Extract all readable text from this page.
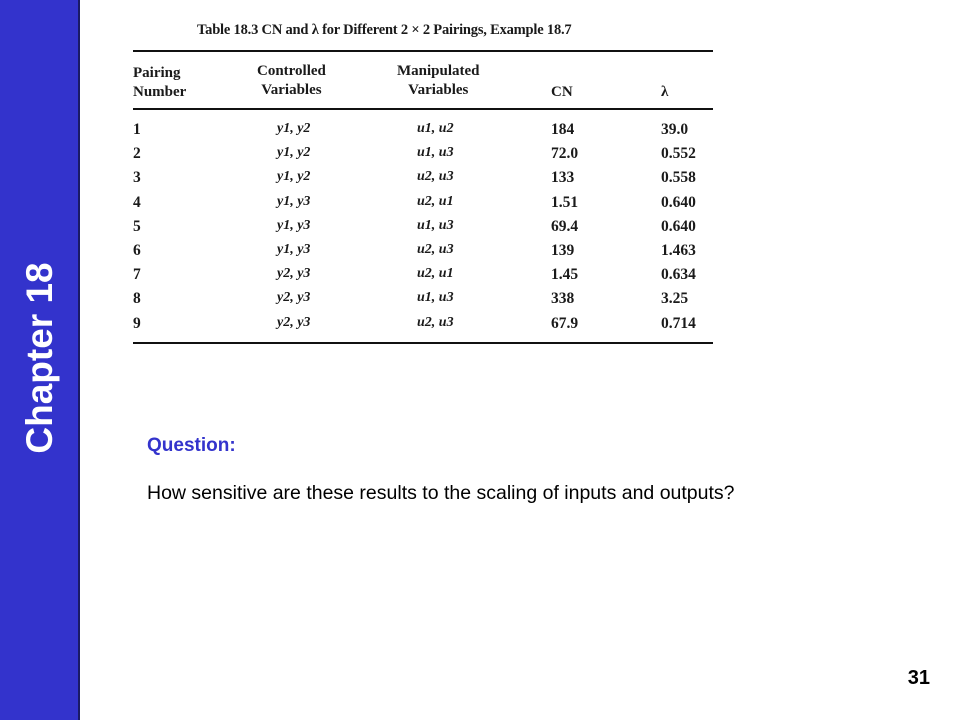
Chapter 18
Table 18.3 CN and λ for Different 2 × 2 Pairings, Example 18.7
Pairing
Number
Controlled
Variables
Manipulated
Variables	CN	λ
1	y1, y2	u1, u2	184	39.0
2	y1, y2	u1, u3	72.0	0.552
3	y1, y2	u2, u3	133	0.558
4	y1, y3	u2, u1	1.51	0.640
5	y1, y3	u1, u3	69.4	0.640
6	y1, y3	u2, u3	139	1.463
7	y2, y3	u2, u1	1.45	0.634
8	y2, y3	u1, u3	338	3.25
9	y2, y3	u2, u3	67.9	0.714
Question:
How sensitive are these results to the scaling of inputs and outputs?
31
